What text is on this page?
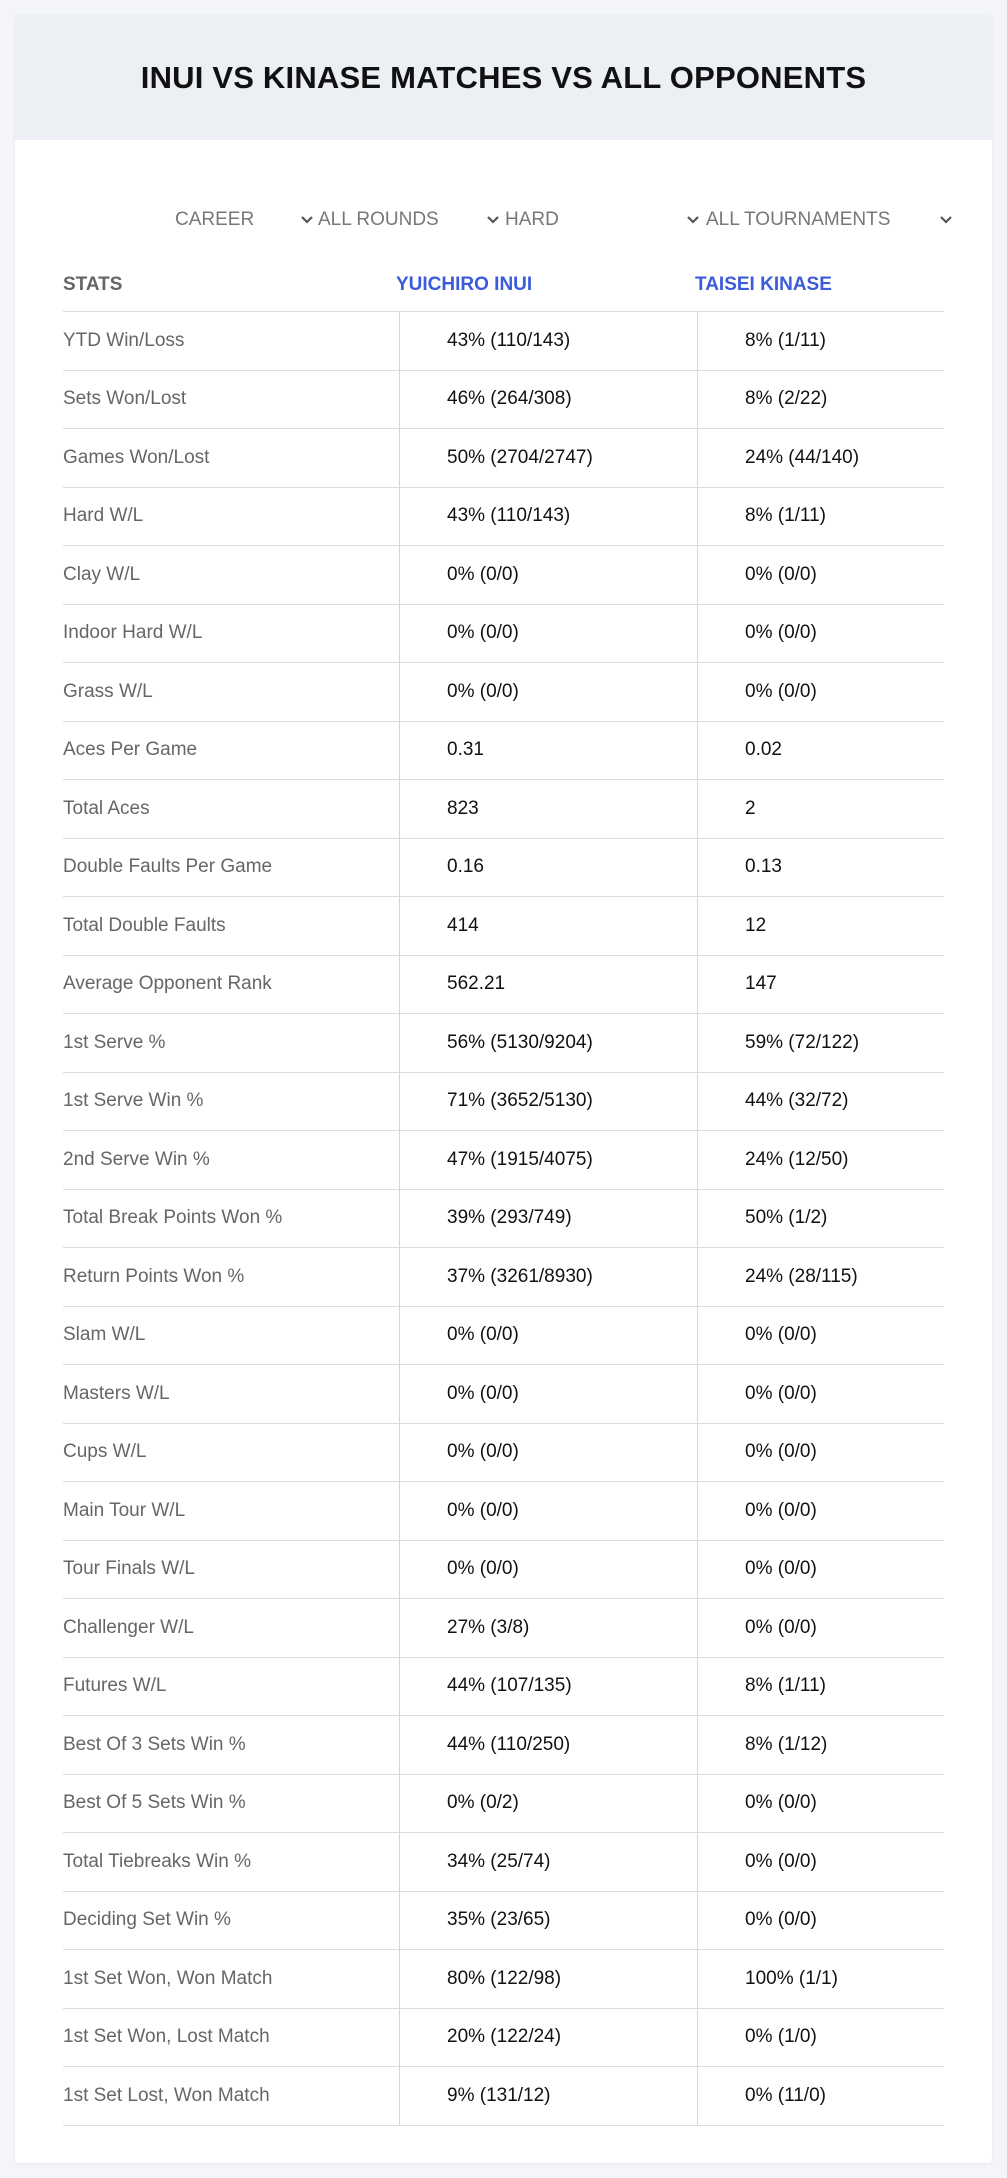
INUI VS KINASE MATCHES VS ALL OPPONENTS
CAREER	ALL ROUNDS	HARD	ALL TOURNAMENTS
STATS	YUICHIRO INUI	TAISEI KINASE
YTD Win/Loss	43% (110/143)	8% (1/11)
Sets Won/Lost	46% (264/308)	8% (2/22)
Games Won/Lost	50% (2704/2747)	24% (44/140)
Hard W/L	43% (110/143)	8% (1/11)
Clay W/L	0% (0/0)	0% (0/0)
Indoor Hard W/L	0% (0/0)	0% (0/0)
Grass W/L	0% (0/0)	0% (0/0)
Aces Per Game	0.31	0.02
Total Aces	823	2
Double Faults Per Game	0.16	0.13
Total Double Faults	414	12
Average Opponent Rank	562.21	147
1st Serve %	56% (5130/9204)	59% (72/122)
1st Serve Win %	71% (3652/5130)	44% (32/72)
2nd Serve Win %	47% (1915/4075)	24% (12/50)
Total Break Points Won %	39% (293/749)	50% (1/2)
Return Points Won %	37% (3261/8930)	24% (28/115)
Slam W/L	0% (0/0)	0% (0/0)
Masters W/L	0% (0/0)	0% (0/0)
Cups W/L	0% (0/0)	0% (0/0)
Main Tour W/L	0% (0/0)	0% (0/0)
Tour Finals W/L	0% (0/0)	0% (0/0)
Challenger W/L	27% (3/8)	0% (0/0)
Futures W/L	44% (107/135)	8% (1/11)
Best Of 3 Sets Win %	44% (110/250)	8% (1/12)
Best Of 5 Sets Win %	0% (0/2)	0% (0/0)
Total Tiebreaks Win %	34% (25/74)	0% (0/0)
Deciding Set Win %	35% (23/65)	0% (0/0)
1st Set Won, Won Match	80% (122/98)	100% (1/1)
1st Set Won, Lost Match	20% (122/24)	0% (1/0)
1st Set Lost, Won Match	9% (131/12)	0% (11/0)
